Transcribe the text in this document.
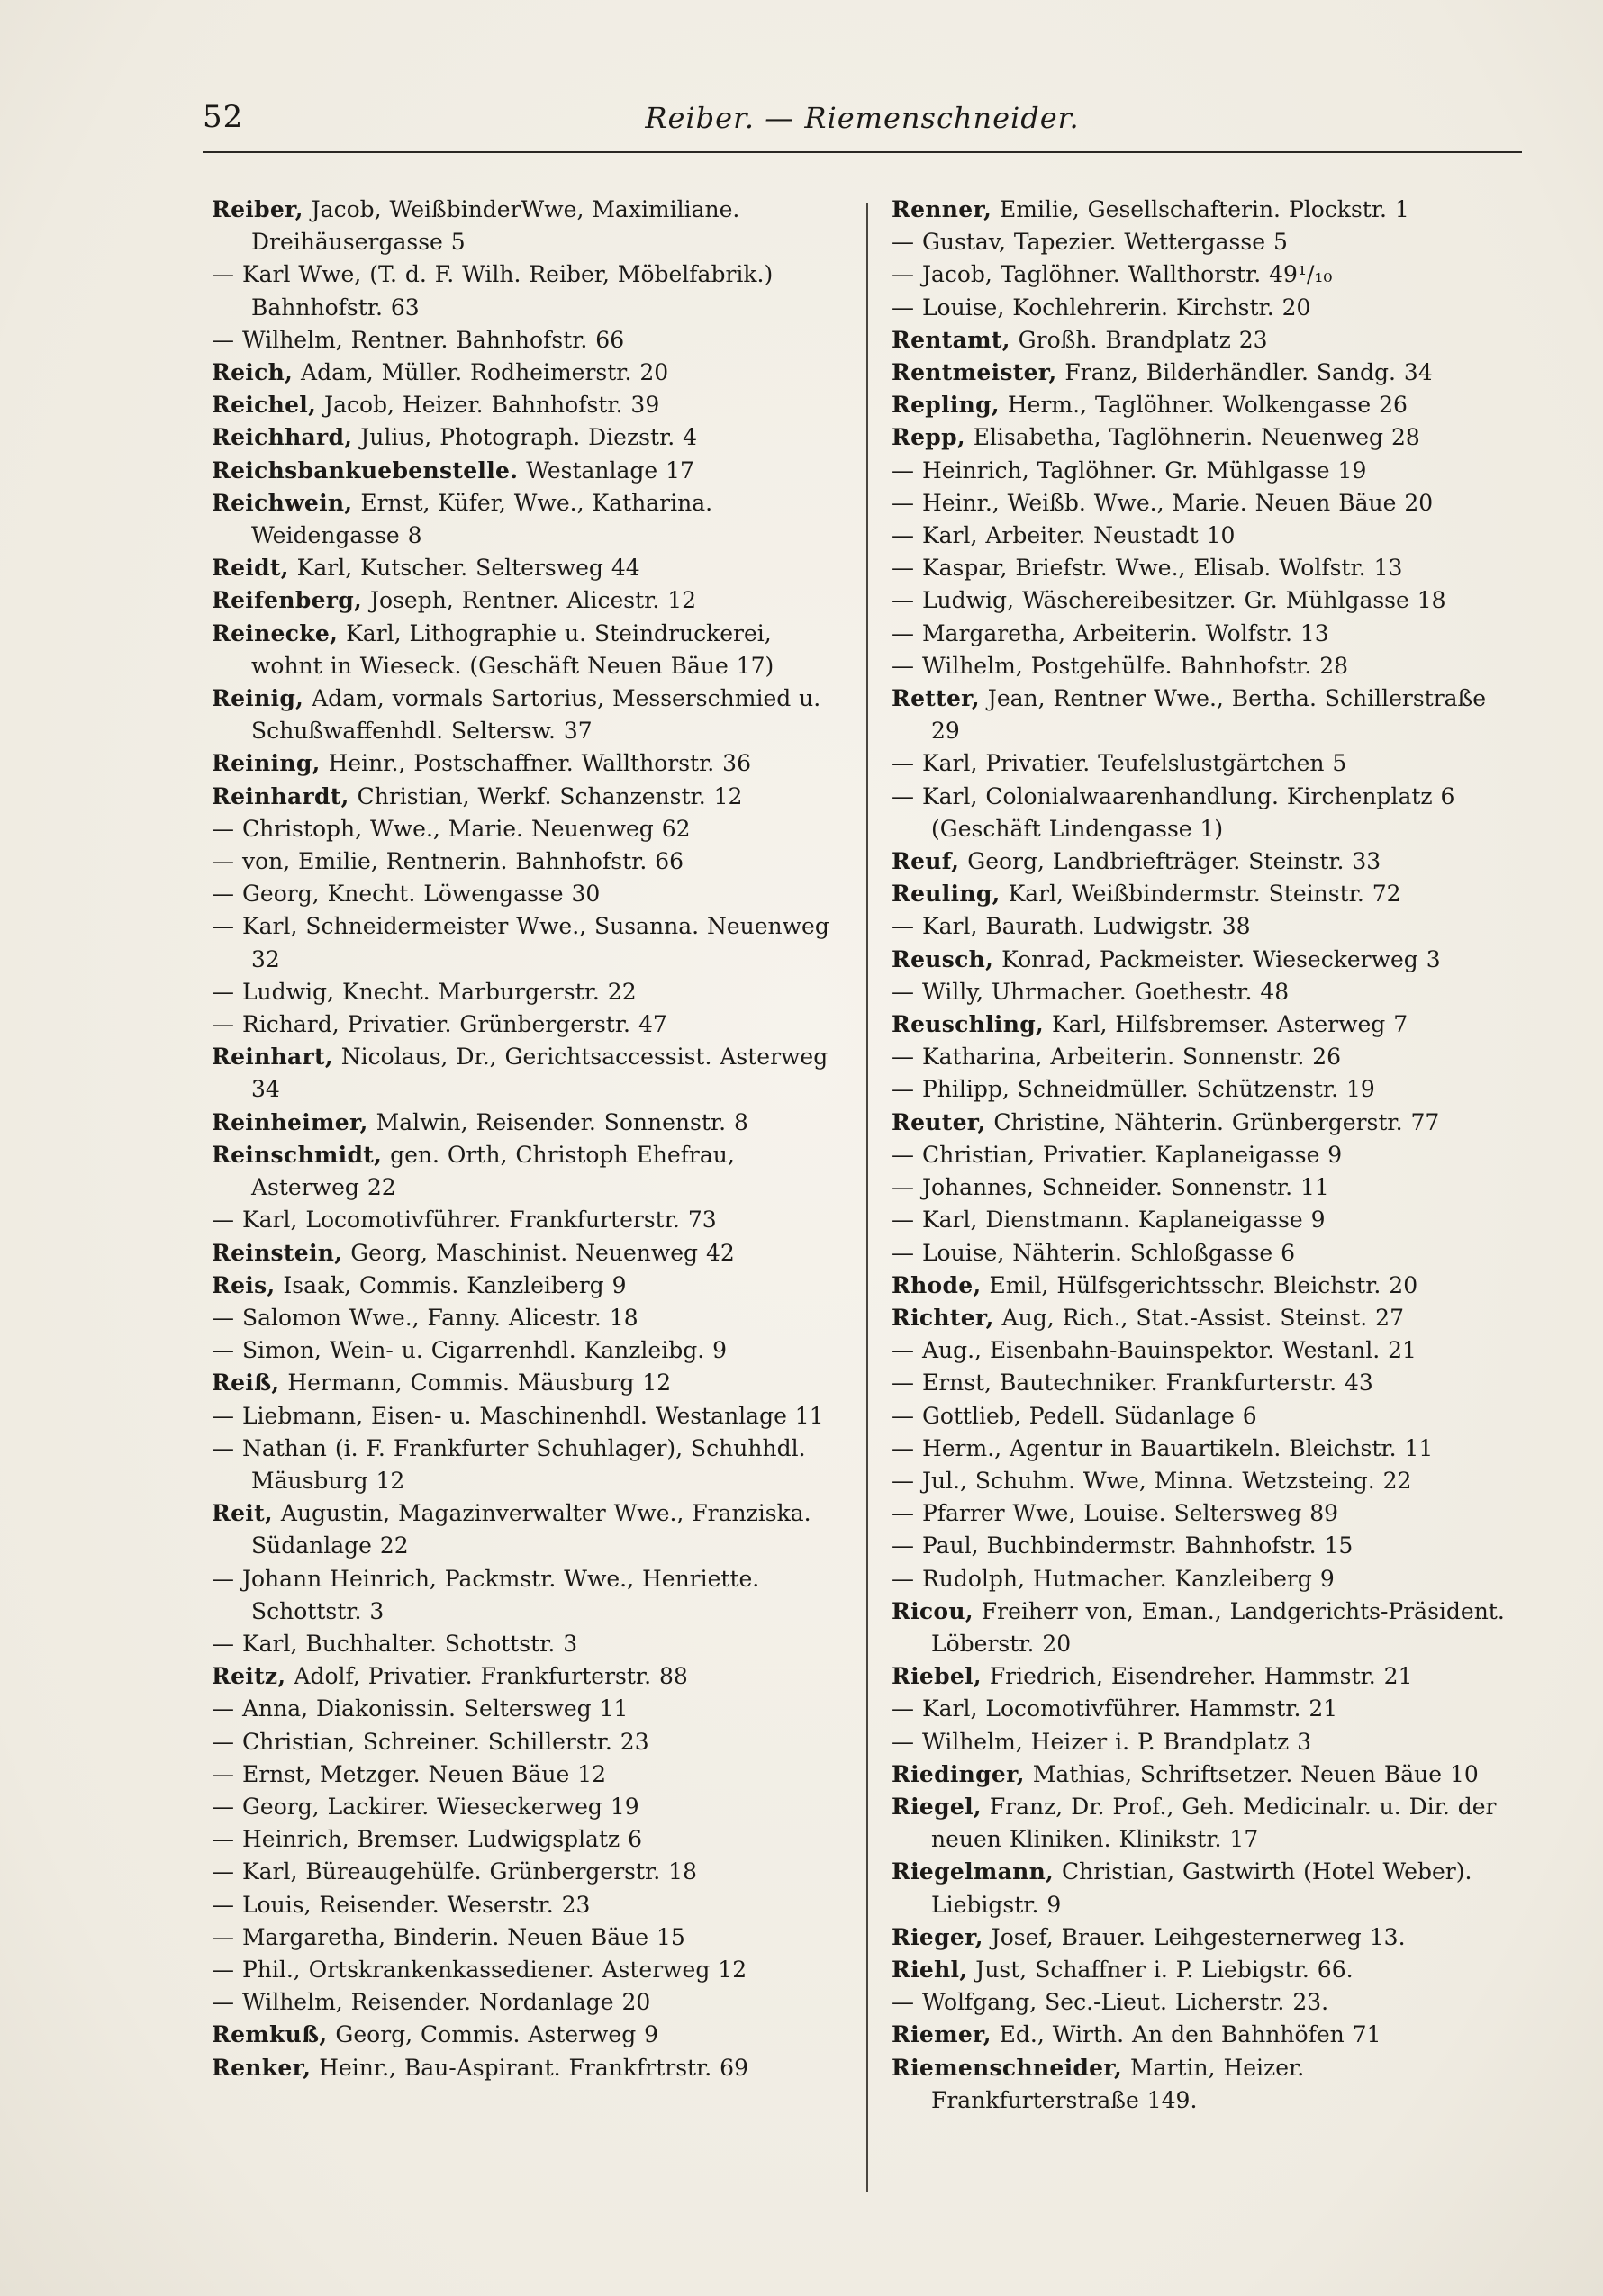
52	Reiber. — Riemenschneider.
Reiber, Jacob, WeißbinderWwe, Maximiliane. Dreihäusergasse 5
— Karl Wwe, (T. d. F. Wilh. Reiber, Möbelfabrik.) Bahnhofstr. 63
— Wilhelm, Rentner. Bahnhofstr. 66
Reich, Adam, Müller. Rodheimerstr. 20
Reichel, Jacob, Heizer. Bahnhofstr. 39
Reichhard, Julius, Photograph. Diezstr. 4
Reichsbankuebenstelle. Westanlage 17
Reichwein, Ernst, Küfer, Wwe., Katharina. Weidengasse 8
Reidt, Karl, Kutscher. Seltersweg 44
Reifenberg, Joseph, Rentner. Alicestr. 12
Reinecke, Karl, Lithographie u. Steindruckerei, wohnt in Wieseck. (Geschäft Neuen Bäue 17)
Reinig, Adam, vormals Sartorius, Messerschmied u. Schußwaffenhdl. Seltersw. 37
Reining, Heinr., Postschaffner. Wallthorstr. 36
Reinhardt, Christian, Werkf. Schanzenstr. 12
— Christoph, Wwe., Marie. Neuenweg 62
— von, Emilie, Rentnerin. Bahnhofstr. 66
— Georg, Knecht. Löwengasse 30
— Karl, Schneidermeister Wwe., Susanna. Neuenweg 32
— Ludwig, Knecht. Marburgerstr. 22
— Richard, Privatier. Grünbergerstr. 47
Reinhart, Nicolaus, Dr., Gerichtsaccessist. Asterweg 34
Reinheimer, Malwin, Reisender. Sonnenstr. 8
Reinschmidt, gen. Orth, Christoph Ehefrau, Asterweg 22
— Karl, Locomotivführer. Frankfurterstr. 73
Reinstein, Georg, Maschinist. Neuenweg 42
Reis, Isaak, Commis. Kanzleiberg 9
— Salomon Wwe., Fanny. Alicestr. 18
— Simon, Wein- u. Cigarrenhdl. Kanzleibg. 9
Reiß, Hermann, Commis. Mäusburg 12
— Liebmann, Eisen- u. Maschinenhdl. Westanlage 11
— Nathan (i. F. Frankfurter Schuhlager), Schuhhdl. Mäusburg 12
Reit, Augustin, Magazinverwalter Wwe., Franziska. Südanlage 22
— Johann Heinrich, Packmstr. Wwe., Henriette. Schottstr. 3
— Karl, Buchhalter. Schottstr. 3
Reitz, Adolf, Privatier. Frankfurterstr. 88
— Anna, Diakonissin. Seltersweg 11
— Christian, Schreiner. Schillerstr. 23
— Ernst, Metzger. Neuen Bäue 12
— Georg, Lackirer. Wieseckerweg 19
— Heinrich, Bremser. Ludwigsplatz 6
— Karl, Büreaugehülfe. Grünbergerstr. 18
— Louis, Reisender. Weserstr. 23
— Margaretha, Binderin. Neuen Bäue 15
— Phil., Ortskrankenkassediener. Asterweg 12
— Wilhelm, Reisender. Nordanlage 20
Remkuß, Georg, Commis. Asterweg 9
Renker, Heinr., Bau-Aspirant. Frankfrtrstr. 69
Renner, Emilie, Gesellschafterin. Plockstr. 1
— Gustav, Tapezier. Wettergasse 5
— Jacob, Taglöhner. Wallthorstr. 49¹/₁₀
— Louise, Kochlehrerin. Kirchstr. 20
Rentamt, Großh. Brandplatz 23
Rentmeister, Franz, Bilderhändler. Sandg. 34
Repling, Herm., Taglöhner. Wolkengasse 26
Repp, Elisabetha, Taglöhnerin. Neuenweg 28
— Heinrich, Taglöhner. Gr. Mühlgasse 19
— Heinr., Weißb. Wwe., Marie. Neuen Bäue 20
— Karl, Arbeiter. Neustadt 10
— Kaspar, Briefstr. Wwe., Elisab. Wolfstr. 13
— Ludwig, Wäschereibesitzer. Gr. Mühlgasse 18
— Margaretha, Arbeiterin. Wolfstr. 13
— Wilhelm, Postgehülfe. Bahnhofstr. 28
Retter, Jean, Rentner Wwe., Bertha. Schillerstraße 29
— Karl, Privatier. Teufelslustgärtchen 5
— Karl, Colonialwaarenhandlung. Kirchenplatz 6 (Geschäft Lindengasse 1)
Reuf, Georg, Landbriefträger. Steinstr. 33
Reuling, Karl, Weißbindermstr. Steinstr. 72
— Karl, Baurath. Ludwigstr. 38
Reusch, Konrad, Packmeister. Wieseckerweg 3
— Willy, Uhrmacher. Goethestr. 48
Reuschling, Karl, Hilfsbremser. Asterweg 7
— Katharina, Arbeiterin. Sonnenstr. 26
— Philipp, Schneidmüller. Schützenstr. 19
Reuter, Christine, Nähterin. Grünbergerstr. 77
— Christian, Privatier. Kaplaneigasse 9
— Johannes, Schneider. Sonnenstr. 11
— Karl, Dienstmann. Kaplaneigasse 9
— Louise, Nähterin. Schloßgasse 6
Rhode, Emil, Hülfsgerichtsschr. Bleichstr. 20
Richter, Aug, Rich., Stat.-Assist. Steinst. 27
— Aug., Eisenbahn-Bauinspektor. Westanl. 21
— Ernst, Bautechniker. Frankfurterstr. 43
— Gottlieb, Pedell. Südanlage 6
— Herm., Agentur in Bauartikeln. Bleichstr. 11
— Jul., Schuhm. Wwe, Minna. Wetzsteing. 22
— Pfarrer Wwe, Louise. Seltersweg 89
— Paul, Buchbindermstr. Bahnhofstr. 15
— Rudolph, Hutmacher. Kanzleiberg 9
Ricou, Freiherr von, Eman., Landgerichts-Präsident. Löberstr. 20
Riebel, Friedrich, Eisendreher. Hammstr. 21
— Karl, Locomotivführer. Hammstr. 21
— Wilhelm, Heizer i. P. Brandplatz 3
Riedinger, Mathias, Schriftsetzer. Neuen Bäue 10
Riegel, Franz, Dr. Prof., Geh. Medicinalr. u. Dir. der neuen Kliniken. Klinikstr. 17
Riegelmann, Christian, Gastwirth (Hotel Weber). Liebigstr. 9
Rieger, Josef, Brauer. Leihgesternerweg 13.
Riehl, Just, Schaffner i. P. Liebigstr. 66.
— Wolfgang, Sec.-Lieut. Licherstr. 23.
Riemer, Ed., Wirth. An den Bahnhöfen 71
Riemenschneider, Martin, Heizer. Frankfurterstraße 149.
